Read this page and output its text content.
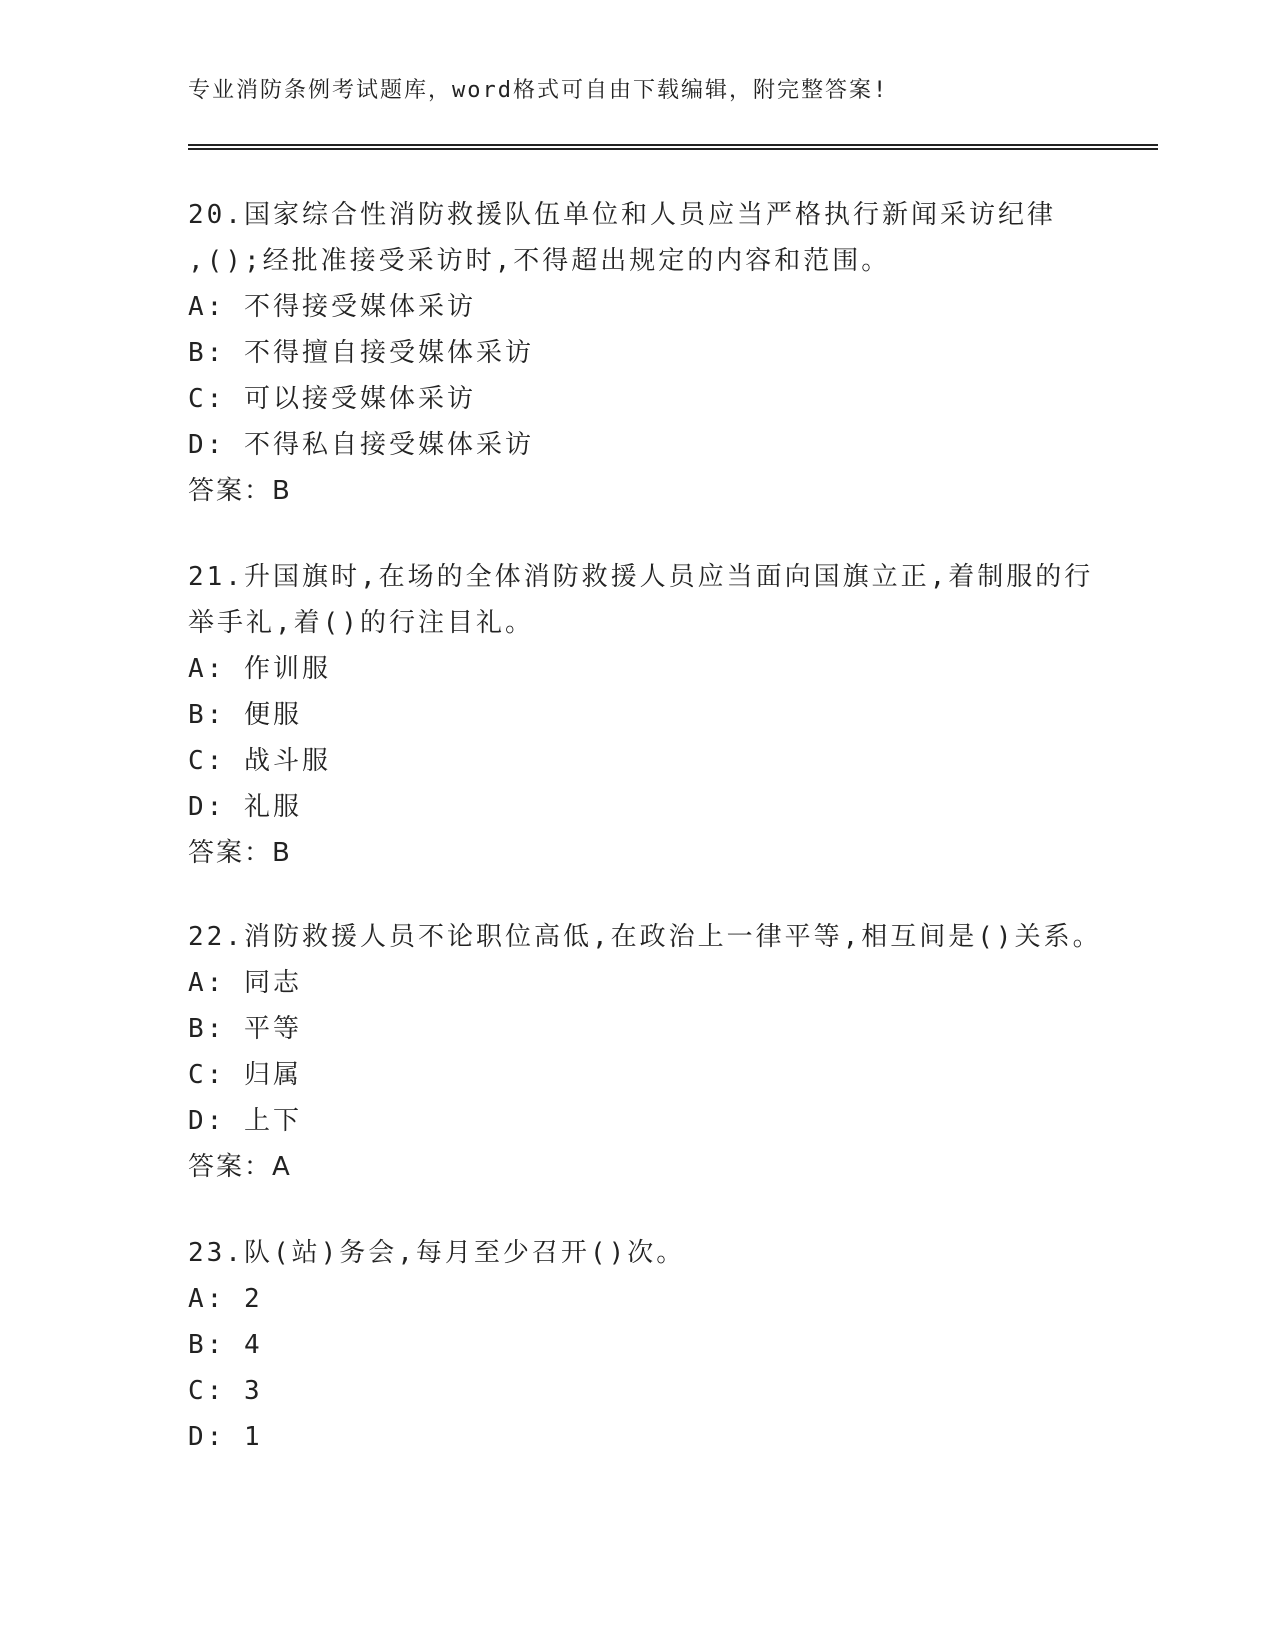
专业消防条例考试题库，word格式可自由下载编辑，附完整答案!
20.国家综合性消防救援队伍单位和人员应当严格执行新闻采访纪律
,();经批准接受采访时,不得超出规定的内容和范围。
A: 不得接受媒体采访
B: 不得擅自接受媒体采访
C: 可以接受媒体采访
D: 不得私自接受媒体采访
答案：B
21.升国旗时,在场的全体消防救援人员应当面向国旗立正,着制服的行
举手礼,着()的行注目礼。
A: 作训服
B: 便服
C: 战斗服
D: 礼服
答案：B
22.消防救援人员不论职位高低,在政治上一律平等,相互间是()关系。
A: 同志
B: 平等
C: 归属
D: 上下
答案：A
23.队(站)务会,每月至少召开()次。
A: 2
B: 4
C: 3
D: 1
